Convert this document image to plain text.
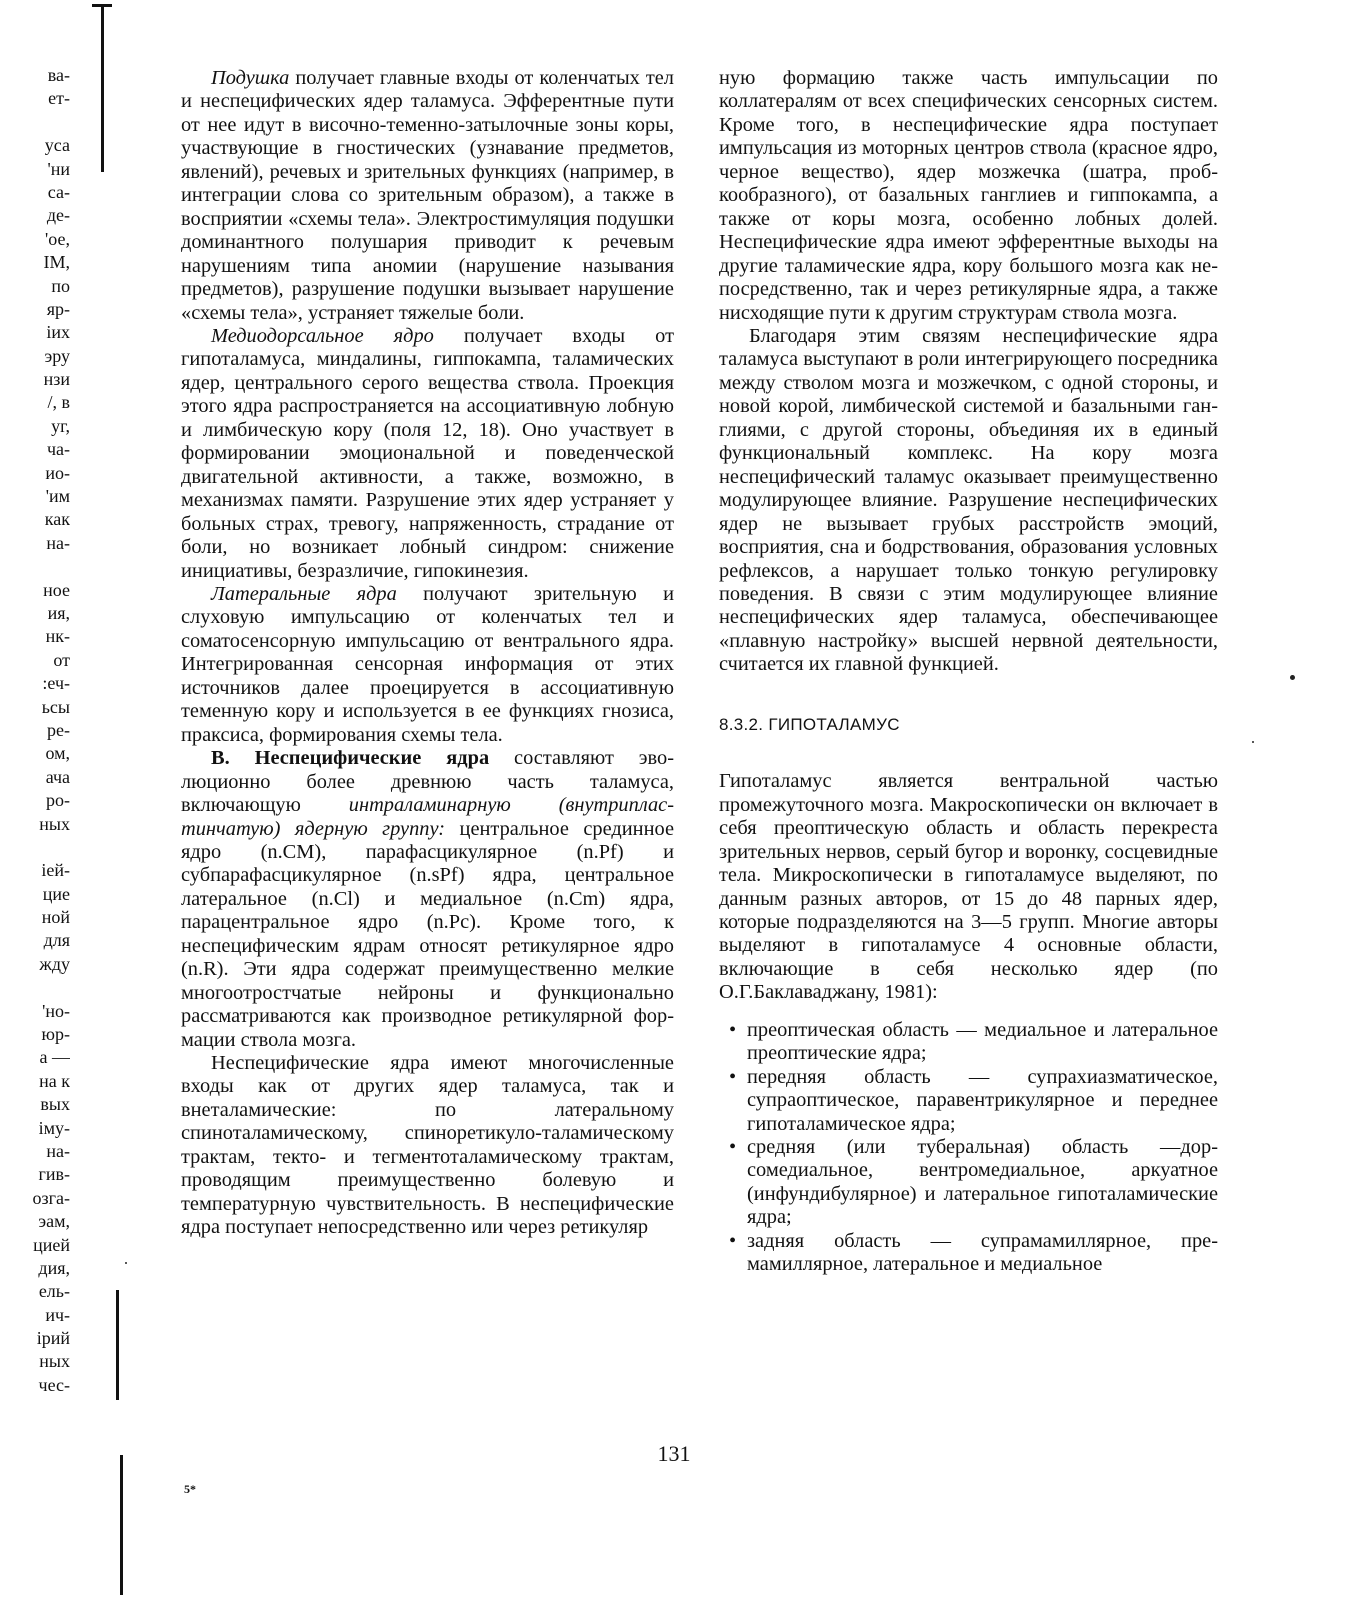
ва-
ет-
уса
'ни
са-
де-
'ое,
ІМ,
по
яр-
іих
эру
нзи
/, в
уг,
ча-
ио-
'им
как
на-
ное
ия,
нк-
от
:еч-
ьсы
ре-
ом,
ача
ро-
ных
іей-
цие
ной
для
жду
'но-
юр-
а —
на к
вых
іму-
на-
гив-
озга-
эам,
цией
дия,
ель-
ич-
ірий
ных
чес-

Подушка получает главные входы от коленчатых тел и неспецифических ядер таламуса. Эфферентные пути от нее идут в височно-теменно-затылочные зоны коры, участвующие в гностических (узнавание предметов, явлений), речевых и зрительных функциях (например, в интеграции слова со зрительным образом), а также в восприятии «схемы тела». Электростимуляция подушки доминантного полушария приводит к речевым нарушениям типа аномии (нарушение называния предметов), разрушение подушки вызывает нарушение «схемы тела», устраняет тяжелые боли.

Медиодорсальное ядро получает входы от гипоталамуса, миндалины, гиппокампа, таламических ядер, центрального серого вещества ствола. Проекция этого ядра распространяется на ассоциативную лобную и лимбическую кору (поля 12, 18). Оно участвует в формировании эмоциональной и поведенческой двигательной активности, а также, возможно, в механизмах памяти. Разрушение этих ядер устраняет у больных страх, тревогу, напряженность, страдание от боли, но возникает лобный синдром: снижение инициативы, безразличие, гипокинезия.

Латеральные ядра получают зрительную и слуховую импульсацию от коленчатых тел и соматосенсорную импульсацию от вентрального ядра. Интегрированная сенсорная информация от этих источников далее проецируется в ассоциативную теменную кору и используется в ее функциях гнозиса, праксиса, формирования схемы тела.

В. Неспецифические ядра составляют эволюционно более древнюю часть таламуса, включающую интраламинарную (внутрипластинчатую) ядерную группу: центральное срединное ядро (n.CM), парафасцикулярное (n.Pf) и субпарафасцикулярное (n.sPf) ядра, центральное латеральное (n.Cl) и медиальное (n.Cm) ядра, парацентральное ядро (n.Pc). Кроме того, к неспецифическим ядрам относят ретикулярное ядро (n.R). Эти ядра содержат преимущественно мелкие многоотростчатые нейроны и функционально рассматриваются как производное ретикулярной формации ствола мозга.

Неспецифические ядра имеют многочисленные входы как от других ядер таламуса, так и внеталамические: по латеральному спиноталамическому, спиноретикуло-таламическому трактам, текто- и тегментоталамическому трактам, проводящим преимущественно болевую и температурную чувствительность. В неспецифические ядра поступает непосредственно или через ретикуляр

ную формацию также часть импульсации по коллатералям от всех специфических сенсорных систем. Кроме того, в неспецифические ядра поступает импульсация из моторных центров ствола (красное ядро, черное вещество), ядер мозжечка (шатра, пробкообразного), от базальных ганглиев и гиппокампа, а также от коры мозга, особенно лобных долей. Неспецифические ядра имеют эфферентные выходы на другие таламические ядра, кору большого мозга как непосредственно, так и через ретикулярные ядра, а также нисходящие пути к другим структурам ствола мозга.

Благодаря этим связям неспецифические ядра таламуса выступают в роли интегрирующего посредника между стволом мозга и мозжечком, с одной стороны, и новой корой, лимбической системой и базальными ганглиями, с другой стороны, объединяя их в единый функциональный комплекс. На кору мозга неспецифический таламус оказывает преимущественно модулирующее влияние. Разрушение неспецифических ядер не вызывает грубых расстройств эмоций, восприятия, сна и бодрствования, образования условных рефлексов, а нарушает только тонкую регулировку поведения. В связи с этим модулирующее влияние неспецифических ядер таламуса, обеспечивающее «плавную настройку» высшей нервной деятельности, считается их главной функцией.

8.3.2. ГИПОТАЛАМУС

Гипоталамус является вентральной частью промежуточного мозга. Макроскопически он включает в себя преоптическую область и область перекреста зрительных нервов, серый бугор и воронку, сосцевидные тела. Микроскопически в гипоталамусе выделяют, по данным разных авторов, от 15 до 48 парных ядер, которые подразделяются на 3—5 групп. Многие авторы выделяют в гипоталамусе 4 основные области, включающие в себя несколько ядер (по О.Г.Баклаваджану, 1981):

• преоптическая область — медиальное и латеральное преоптические ядра;
• передняя область — супрахиазматическое, супраоптическое, паравентрикулярное и переднее гипоталамическое ядра;
• средняя (или туберальная) область —дорсомедиальное, вентромедиальное, аркуатное (инфундибулярное) и латеральное гипоталамические ядра;
• задняя область — супрамамиллярное, премамиллярное, латеральное и медиальное
131
5*
